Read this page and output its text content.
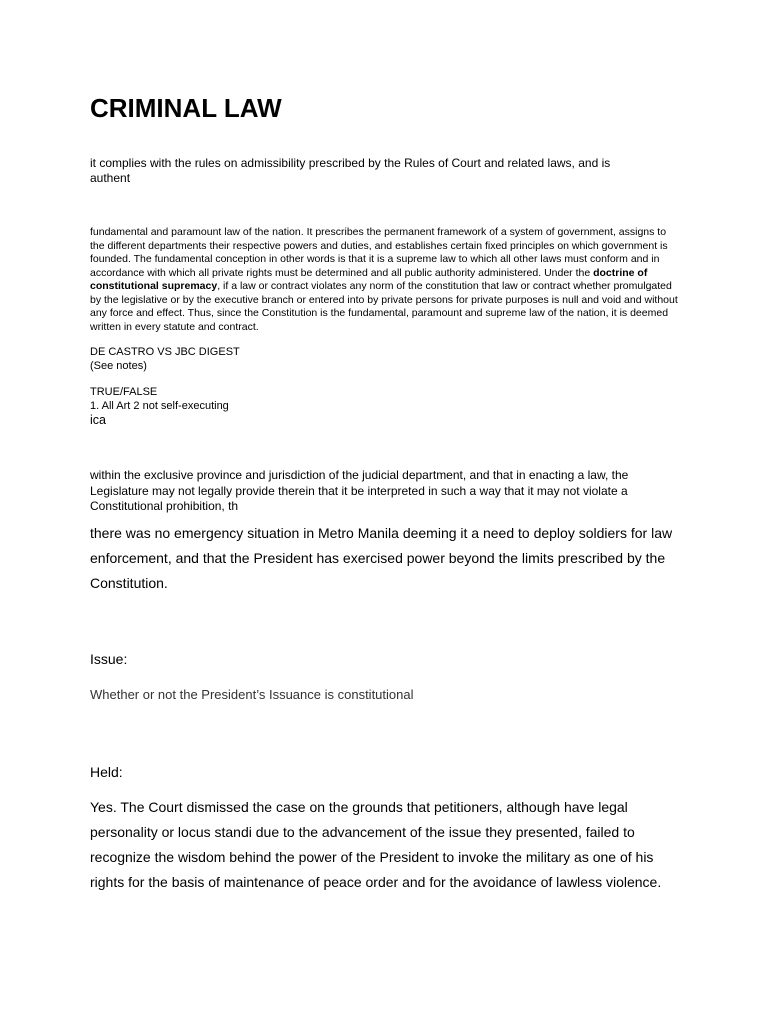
CRIMINAL LAW

it complies with the rules on admissibility prescribed by the Rules of Court and related laws, and is
authent

fundamental and paramount law of the nation. It prescribes the permanent framework of a system of government, assigns to the different departments their respective powers and duties, and establishes certain fixed principles on which government is founded. The fundamental conception in other words is that it is a supreme law to which all other laws must conform and in accordance with which all private rights must be determined and all public authority administered. Under the doctrine of constitutional supremacy, if a law or contract violates any norm of the constitution that law or contract whether promulgated by the legislative or by the executive branch or entered into by private persons for private purposes is null and void and without any force and effect. Thus, since the Constitution is the fundamental, paramount and supreme law of the nation, it is deemed written in every statute and contract.

DE CASTRO VS JBC DIGEST
(See notes)

TRUE/FALSE
1. All Art 2 not self-executing

ica

within the exclusive province and jurisdiction of the judicial department, and that in enacting a law, the
Legislature may not legally provide therein that it be interpreted in such a way that it may not violate a
Constitutional prohibition, th

there was no emergency situation in Metro Manila deeming it a need to deploy soldiers for law
enforcement, and that the President has exercised power beyond the limits prescribed by the
Constitution.

Issue:

Whether or not the President’s Issuance is constitutional

Held:

Yes. The Court dismissed the case on the grounds that petitioners, although have legal
personality or locus standi due to the advancement of the issue they presented, failed to
recognize the wisdom behind the power of the President to invoke the military as one of his
rights for the basis of maintenance of peace order and for the avoidance of lawless violence.
